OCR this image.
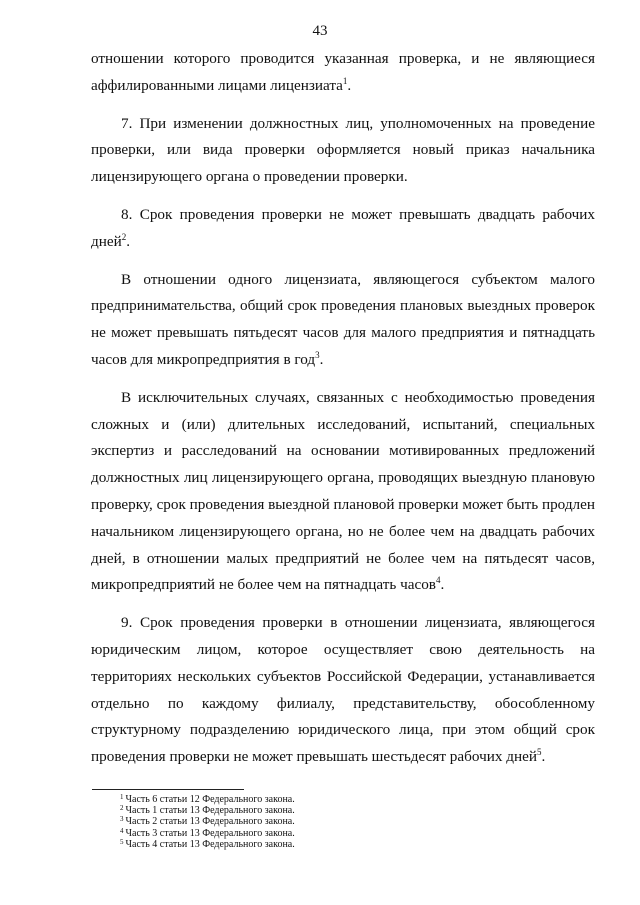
43

отношении которого проводится указанная проверка, и не являющиеся аффилированными лицами лицензиата$^1$.

7. При изменении должностных лиц, уполномоченных на проведение проверки, или вида проверки оформляется новый приказ начальника лицензирующего органа о проведении проверки.

8. Срок проведения проверки не может превышать двадцать рабочих дней$^2$.

В отношении одного лицензиата, являющегося субъектом малого предпринимательства, общий срок проведения плановых выездных проверок не может превышать пятьдесят часов для малого предприятия и пятнадцать часов для микропредприятия в год$^3$.

В исключительных случаях, связанных с необходимостью проведения сложных и (или) длительных исследований, испытаний, специальных экспертиз и расследований на основании мотивированных предложений должностных лиц лицензирующего органа, проводящих выездную плановую проверку, срок проведения выездной плановой проверки может быть продлен начальником лицензирующего органа, но не более чем на двадцать рабочих дней, в отношении малых предприятий не более чем на пятьдесят часов, микропредприятий не более чем на пятнадцать часов$^4$.

9. Срок проведения проверки в отношении лицензиата, являющегося юридическим лицом, которое осуществляет свою деятельность на территориях нескольких субъектов Российской Федерации, устанавливается отдельно по каждому филиалу, представительству, обособленному структурному подразделению юридического лица, при этом общий срок проведения проверки не может превышать шестьдесят рабочих дней$^5$.

$^1$ Часть 6 статьи 12 Федерального закона.
$^2$ Часть 1 статьи 13 Федерального закона.
$^3$ Часть 2 статьи 13 Федерального закона.
$^4$ Часть 3 статьи 13 Федерального закона.
$^5$ Часть 4 статьи 13 Федерального закона.
